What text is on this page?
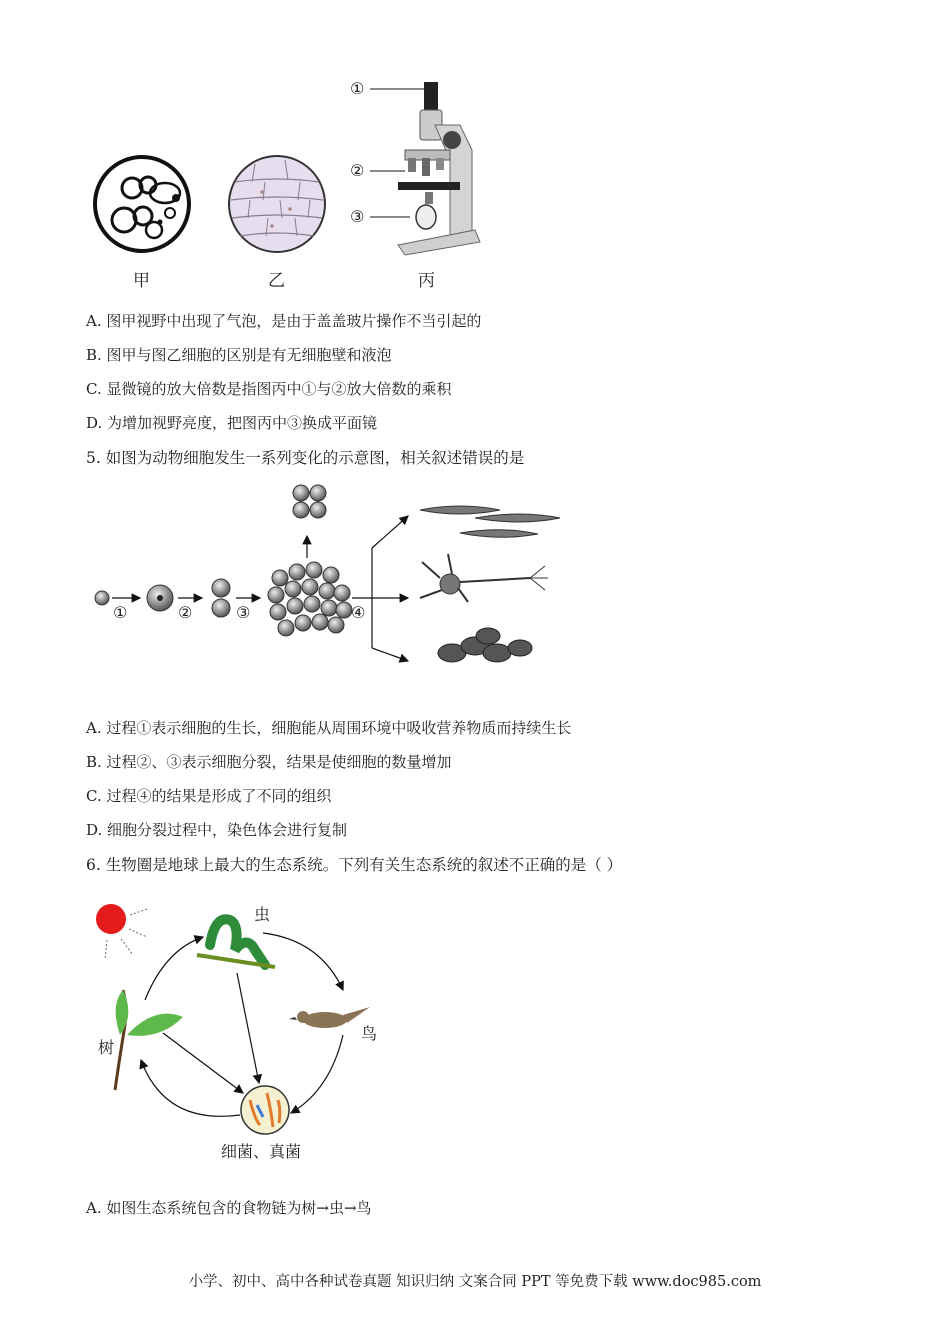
①
②
③
甲	乙	丙
A. 图甲视野中出现了气泡，是由于盖盖玻片操作不当引起的
B. 图甲与图乙细胞的区别是有无细胞壁和液泡
C. 显微镜的放大倍数是指图丙中①与②放大倍数的乘积
D. 为增加视野亮度，把图丙中③换成平面镜
5. 如图为动物细胞发生一系列变化的示意图，相关叙述错误的是
①	②	③	④
A. 过程①表示细胞的生长，细胞能从周围环境中吸收营养物质而持续生长
B. 过程②、③表示细胞分裂，结果是使细胞的数量增加
C. 过程④的结果是形成了不同的组织
D. 细胞分裂过程中，染色体会进行复制
6. 生物圈是地球上最大的生态系统。下列有关生态系统的叙述不正确的是（ ）
虫
鸟
树
细菌、真菌
A. 如图生态系统包含的食物链为树→虫→鸟
小学、初中、高中各种试卷真题 知识归纳 文案合同 PPT 等免费下载 www.doc985.com
